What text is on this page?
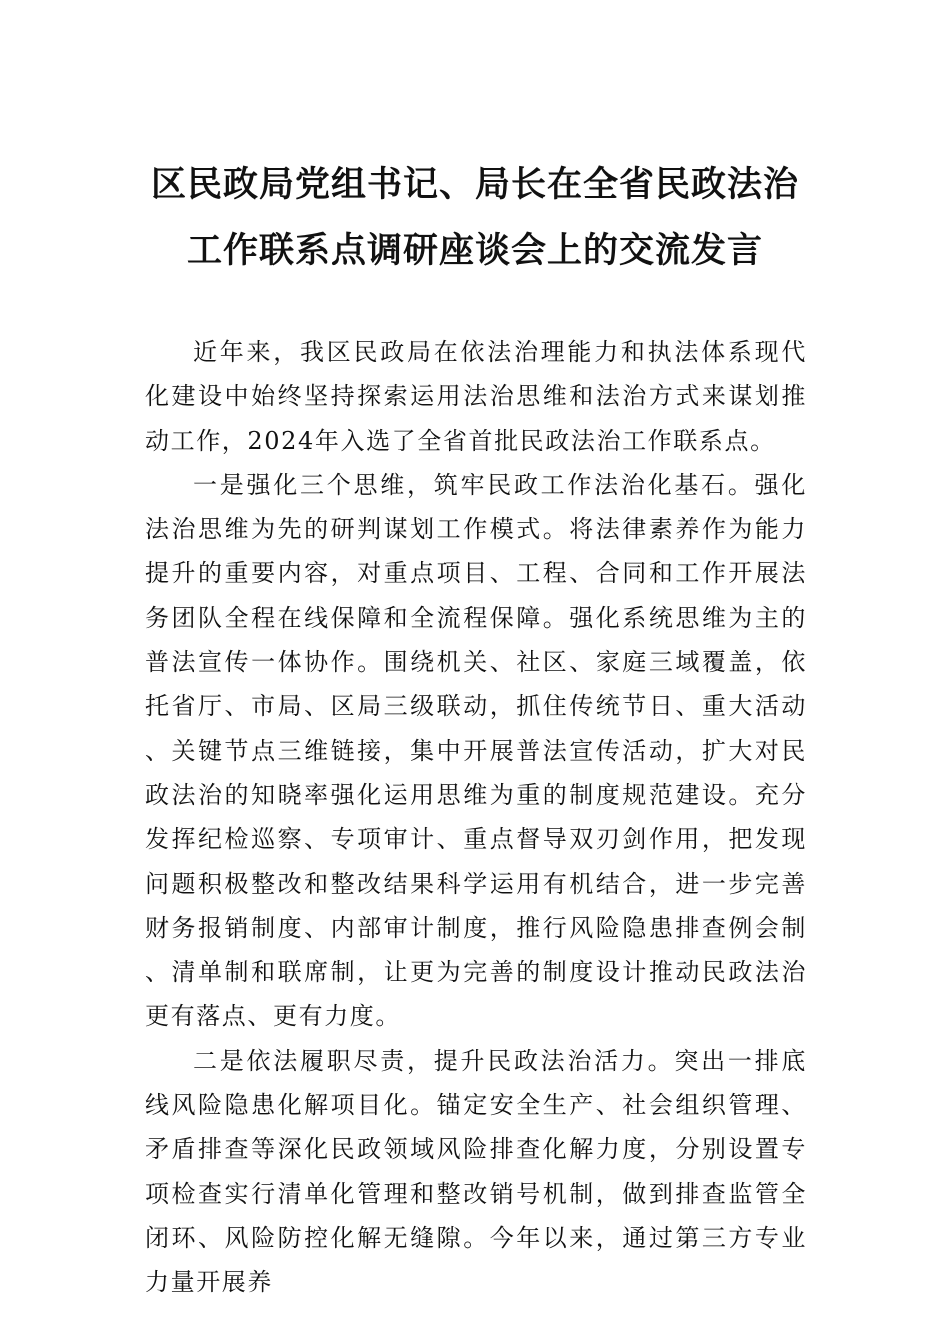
区民政局党组书记、局长在全省民政法治
工作联系点调研座谈会上的交流发言

近年来，我区民政局在依法治理能力和执法体系现代化建设中始终坚持探索运用法治思维和法治方式来谋划推动工作，2024年入选了全省首批民政法治工作联系点。

一是强化三个思维，筑牢民政工作法治化基石。强化法治思维为先的研判谋划工作模式。将法律素养作为能力提升的重要内容，对重点项目、工程、合同和工作开展法务团队全程在线保障和全流程保障。强化系统思维为主的普法宣传一体协作。围绕机关、社区、家庭三域覆盖，依托省厅、市局、区局三级联动，抓住传统节日、重大活动、关键节点三维链接，集中开展普法宣传活动，扩大对民政法治的知晓率强化运用思维为重的制度规范建设。充分发挥纪检巡察、专项审计、重点督导双刃剑作用，把发现问题积极整改和整改结果科学运用有机结合，进一步完善财务报销制度、内部审计制度，推行风险隐患排查例会制、清单制和联席制，让更为完善的制度设计推动民政法治更有落点、更有力度。

二是依法履职尽责，提升民政法治活力。突出一排底线风险隐患化解项目化。锚定安全生产、社会组织管理、矛盾排查等深化民政领域风险排查化解力度，分别设置专项检查实行清单化管理和整改销号机制，做到排查监管全闭环、风险防控化解无缝隙。今年以来，通过第三方专业力量开展养
